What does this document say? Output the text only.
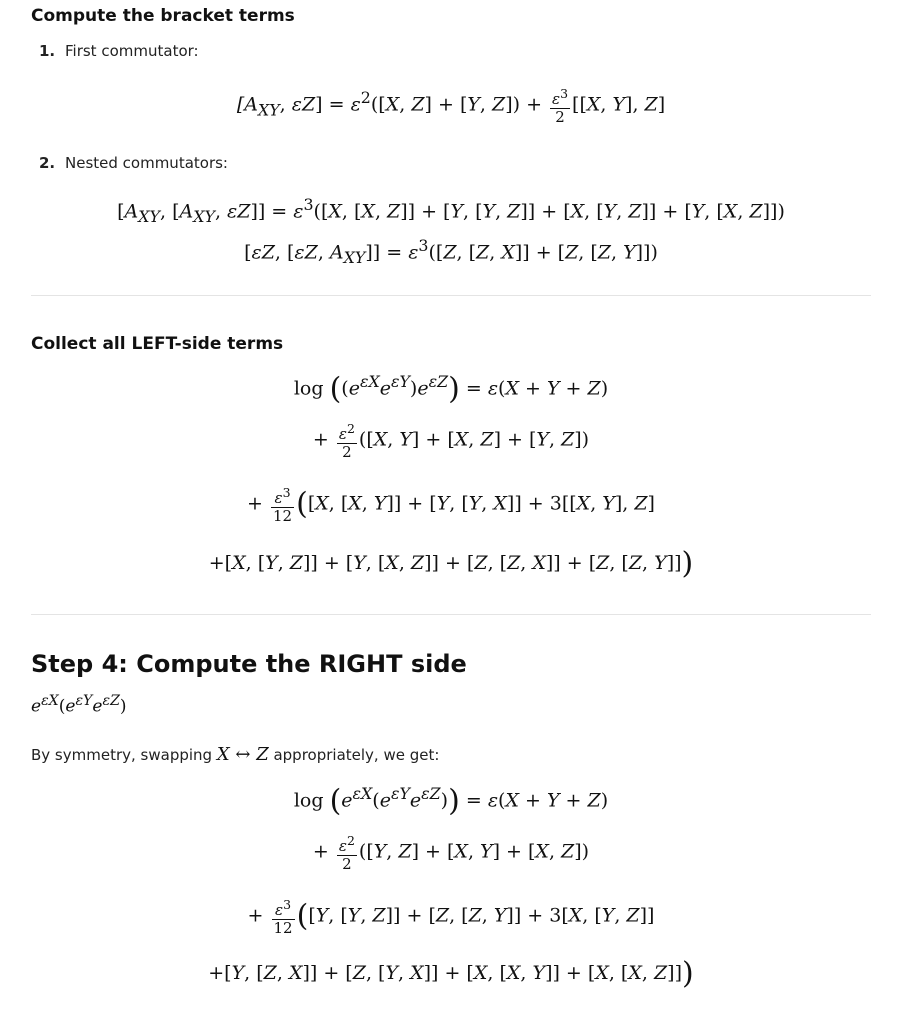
Compute the bracket terms
1. First commutator:
[$A_{XY}$, $\varepsilon Z] = \varepsilon^2([X$, Z] + [Y, $Z]) + \frac{\varepsilon^3}{2} [[X$, Y], Z]
2. Nested commutators:
[$A_{XY}$, [$A_{XY}$, $\varepsilon Z]] = \varepsilon^3([X$, [X, Z]] + [Y, [Y, Z]] + [X, [Y, Z]] + [Y, [X, Z]])
[εZ, [εZ, $A_{XY}]] = \varepsilon^3([Z$, [Z, X]] + [Z, [Z, Y]])
Collect all LEFT-side terms
$\log ((e^{\varepsilon X}e^{\varepsilon Y})e^{\varepsilon Z}) = \varepsilon(X + Y + Z)$
+ $\frac{\varepsilon^2}{2} ([X$, Y] + [X, Z] + [Y, Z])
+ $\frac{\varepsilon^3}{12} ([X$, [X, Y]] + [Y, [Y, X]] + 3[[X, Y], Z]
+[X, [Y, Z]] + [Y, [X, Z]] + [Z, [Z, X]] + [Z, [Z, Y]])
Step 4: Compute the RIGHT side
$e^{\varepsilon X}(e^{\varepsilon Y}e^{\varepsilon Z})$
By symmetry, swapping X ↔ Z appropriately, we get:
$\log (e^{\varepsilon X}(e^{\varepsilon Y}e^{\varepsilon Z})) = \varepsilon(X + Y + Z)$
+ $\frac{\varepsilon^2}{2} ([Y$, Z] + [X, Y] + [X, Z])
+ $\frac{\varepsilon^3}{12} ([Y$, [Y, Z]] + [Z, [Z, Y]] + 3[X, [Y, Z]]
+[Y, [Z, X]] + [Z, [Y, X]] + [X, [X, Y]] + [X, [X, Z]])
